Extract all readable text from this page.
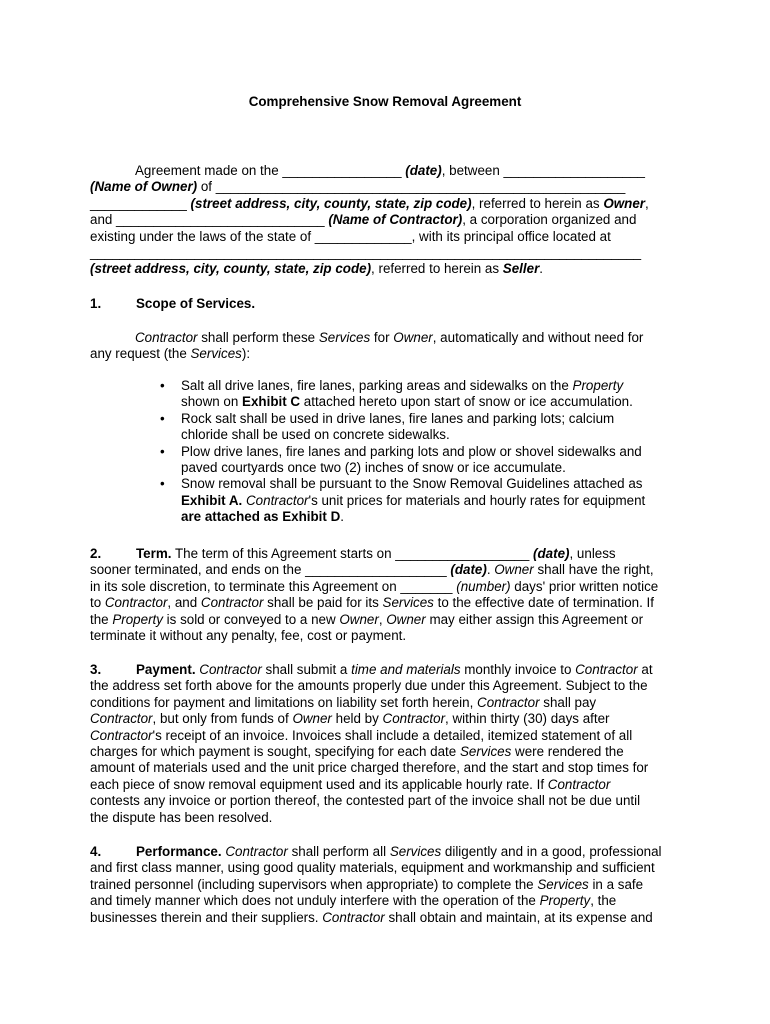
Comprehensive Snow Removal Agreement
Agreement made on the ________________ (date), between ___________________
(Name of Owner) of _______________________________________________________
_____________ (street address, city, county, state, zip code), referred to herein as Owner,
and ____________________________ (Name of Contractor), a corporation organized and
existing under the laws of the state of _____________, with its principal office located at
__________________________________________________________________________
(street address, city, county, state, zip code), referred to herein as Seller.
1.	Scope of Services.
Contractor shall perform these Services for Owner, automatically and without need for
any request (the Services):
• Salt all drive lanes, fire lanes, parking areas and sidewalks on the Property
shown on Exhibit C attached hereto upon start of snow or ice accumulation.
• Rock salt shall be used in drive lanes, fire lanes and parking lots; calcium
chloride shall be used on concrete sidewalks.
• Plow drive lanes, fire lanes and parking lots and plow or shovel sidewalks and
paved courtyards once two (2) inches of snow or ice accumulate.
• Snow removal shall be pursuant to the Snow Removal Guidelines attached as
Exhibit A. Contractor's unit prices for materials and hourly rates for equipment
are attached as Exhibit D.
2.	Term. The term of this Agreement starts on __________________ (date), unless
sooner terminated, and ends on the ___________________ (date). Owner shall have the right,
in its sole discretion, to terminate this Agreement on _______ (number) days' prior written notice
to Contractor, and Contractor shall be paid for its Services to the effective date of termination. If
the Property is sold or conveyed to a new Owner, Owner may either assign this Agreement or
terminate it without any penalty, fee, cost or payment.
3.	Payment. Contractor shall submit a time and materials monthly invoice to Contractor at
the address set forth above for the amounts properly due under this Agreement. Subject to the
conditions for payment and limitations on liability set forth herein, Contractor shall pay
Contractor, but only from funds of Owner held by Contractor, within thirty (30) days after
Contractor's receipt of an invoice. Invoices shall include a detailed, itemized statement of all
charges for which payment is sought, specifying for each date Services were rendered the
amount of materials used and the unit price charged therefore, and the start and stop times for
each piece of snow removal equipment used and its applicable hourly rate. If Contractor
contests any invoice or portion thereof, the contested part of the invoice shall not be due until
the dispute has been resolved.
4.	Performance. Contractor shall perform all Services diligently and in a good, professional
and first class manner, using good quality materials, equipment and workmanship and sufficient
trained personnel (including supervisors when appropriate) to complete the Services in a safe
and timely manner which does not unduly interfere with the operation of the Property, the
businesses therein and their suppliers. Contractor shall obtain and maintain, at its expense and
